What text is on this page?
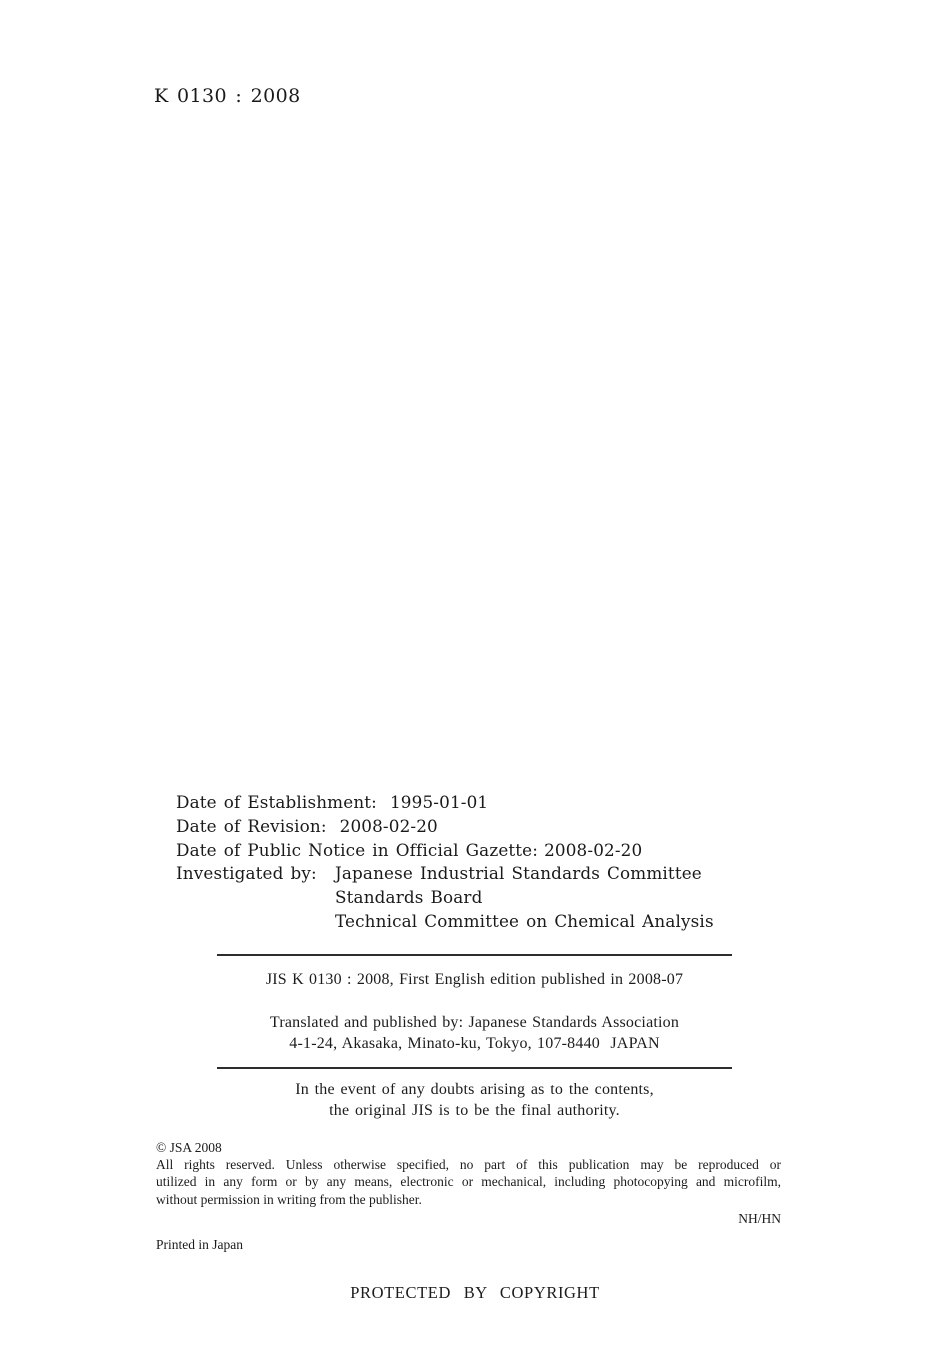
K 0130 : 2008
Date of Establishment: 1995-01-01
Date of Revision: 2008-02-20
Date of Public Notice in Official Gazette: 2008-02-20
Investigated by:	Japanese Industrial Standards Committee
Standards Board
Technical Committee on Chemical Analysis
JIS K 0130 : 2008, First English edition published in 2008-07
Translated and published by: Japanese Standards Association
4-1-24, Akasaka, Minato-ku, Tokyo, 107-8440  JAPAN
In the event of any doubts arising as to the contents,
the original JIS is to be the final authority.
© JSA 2008
All rights reserved. Unless otherwise specified, no part of this publication may be reproduced or
utilized in any form or by any means, electronic or mechanical, including photocopying and microfilm,
without permission in writing from the publisher.
NH/HN
Printed in Japan
PROTECTED BY COPYRIGHT
